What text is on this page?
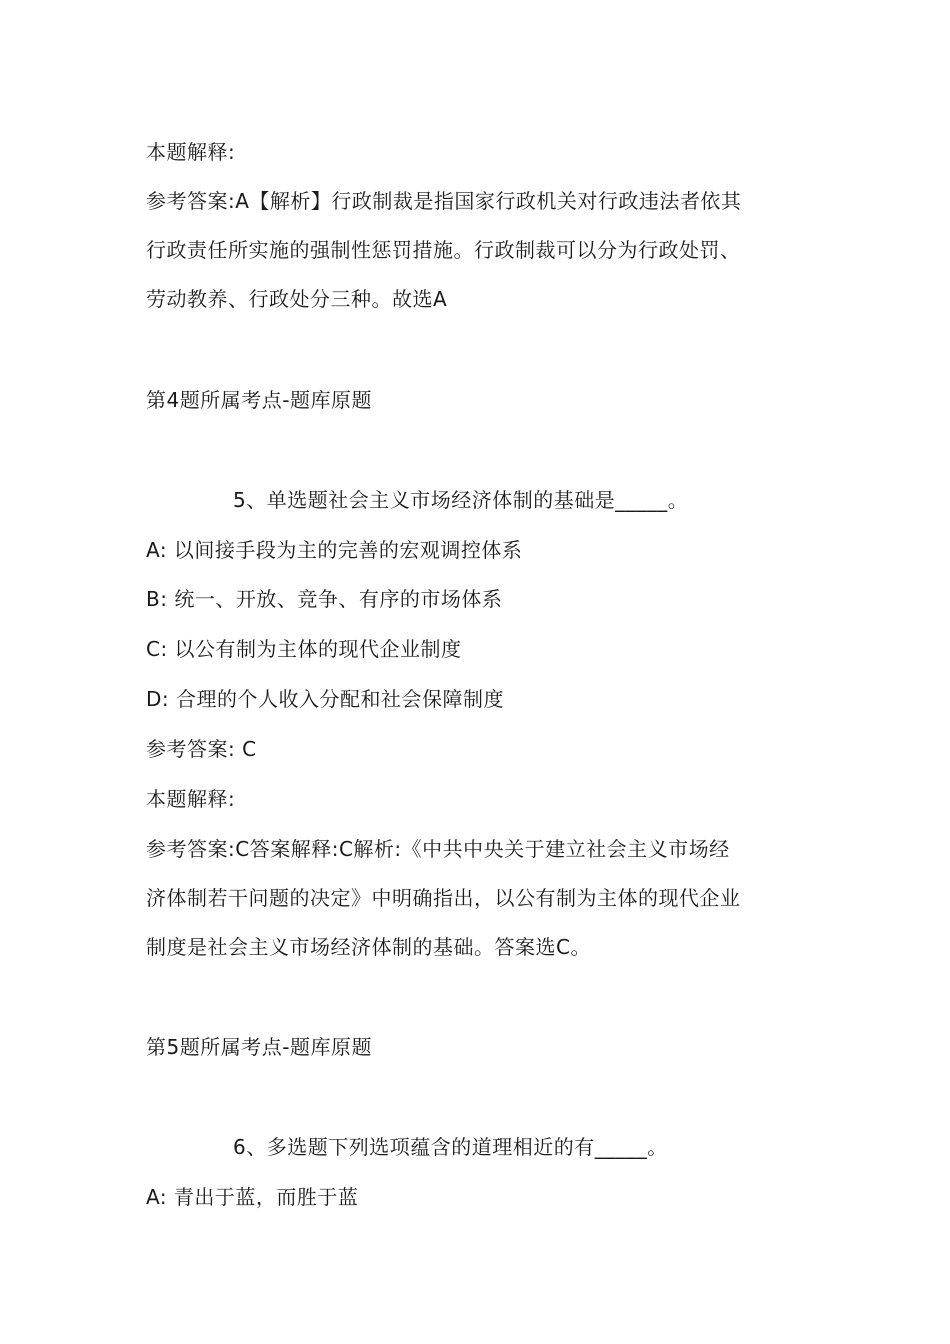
本题解释:
参考答案:A【解析】行政制裁是指国家行政机关对行政违法者依其
行政责任所实施的强制性惩罚措施。行政制裁可以分为行政处罚、
劳动教养、行政处分三种。故选A
第4题所属考点-题库原题
5、单选题社会主义市场经济体制的基础是_____。
A: 以间接手段为主的完善的宏观调控体系
B: 统一、开放、竞争、有序的市场体系
C: 以公有制为主体的现代企业制度
D: 合理的个人收入分配和社会保障制度
参考答案: C
本题解释:
参考答案:C答案解释:C解析:《中共中央关于建立社会主义市场经
济体制若干问题的决定》中明确指出，以公有制为主体的现代企业
制度是社会主义市场经济体制的基础。答案选C。
第5题所属考点-题库原题
6、多选题下列选项蕴含的道理相近的有_____。
A: 青出于蓝，而胜于蓝
